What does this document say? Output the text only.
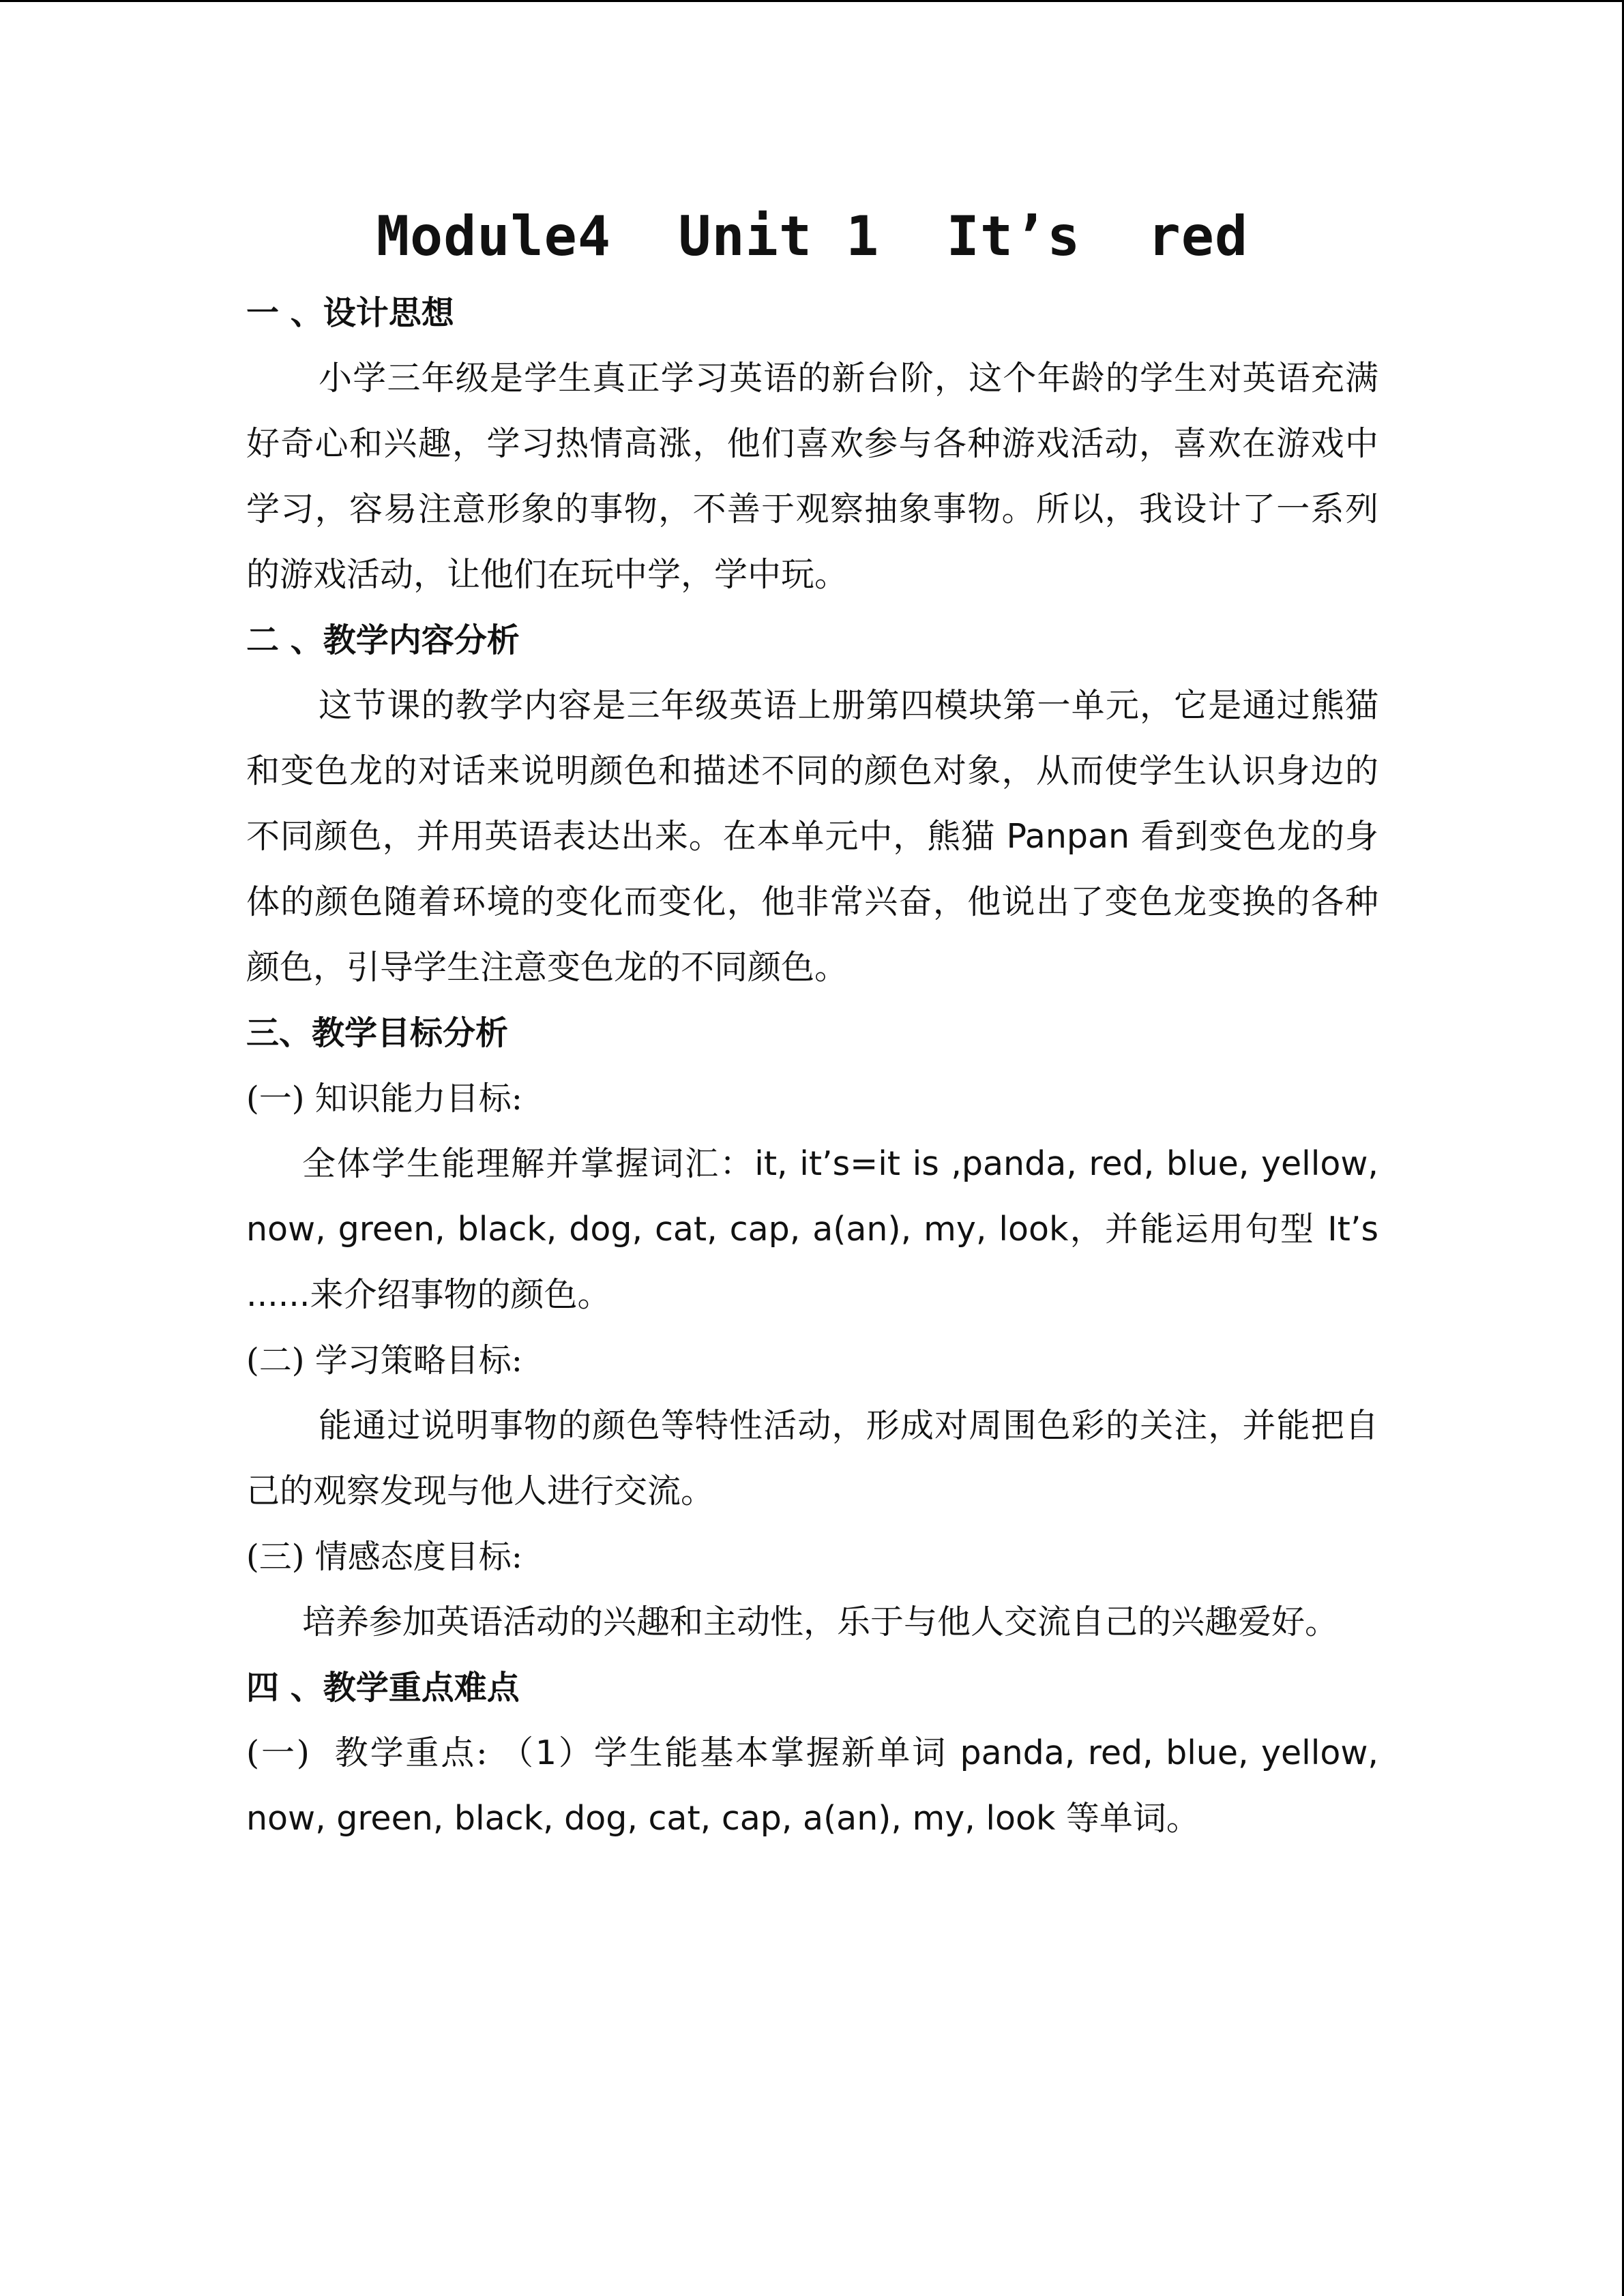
Module4  Unit 1  It’s  red
一 、设计思想

小学三年级是学生真正学习英语的新台阶，这个年龄的学生对英语充满好奇心和兴趣，学习热情高涨，他们喜欢参与各种游戏活动，喜欢在游戏中学习，容易注意形象的事物，不善于观察抽象事物。所以，我设计了一系列的游戏活动，让他们在玩中学，学中玩。

二 、教学内容分析

这节课的教学内容是三年级英语上册第四模块第一单元，它是通过熊猫和变色龙的对话来说明颜色和描述不同的颜色对象，从而使学生认识身边的不同颜色，并用英语表达出来。在本单元中，熊猫 Panpan 看到变色龙的身体的颜色随着环境的变化而变化，他非常兴奋，他说出了变色龙变换的各种颜色，引导学生注意变色龙的不同颜色。

三、教学目标分析
(一) 知识能力目标:

全体学生能理解并掌握词汇：it, it’s=it is ,panda, red, blue, yellow, now, green, black, dog, cat, cap, a(an), my, look，并能运用句型 It’s ......来介绍事物的颜色。

(二) 学习策略目标:

能通过说明事物的颜色等特性活动，形成对周围色彩的关注，并能把自己的观察发现与他人进行交流。

(三) 情感态度目标:

培养参加英语活动的兴趣和主动性，乐于与他人交流自己的兴趣爱好。

四 、教学重点难点

(一)  教学重点: （1）学生能基本掌握新单词 panda, red, blue, yellow, now, green, black, dog, cat, cap, a(an), my, look 等单词。
